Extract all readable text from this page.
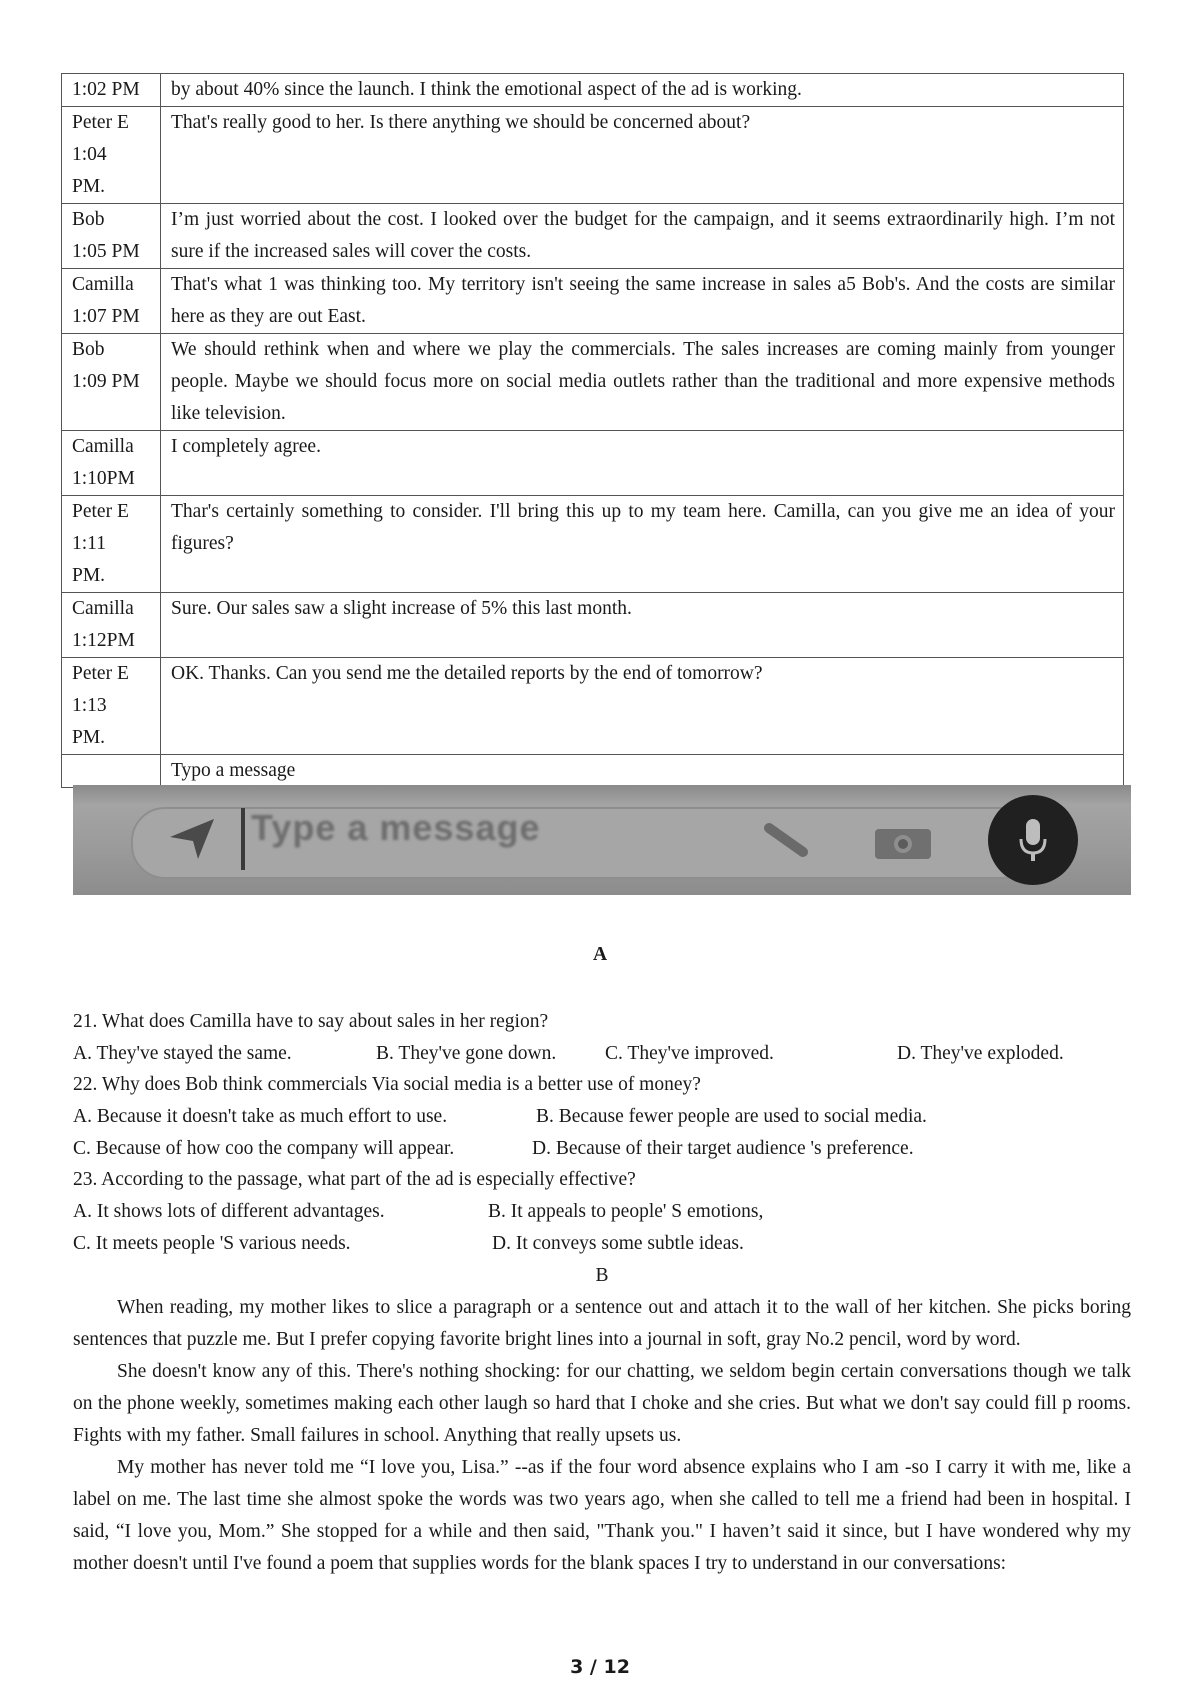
1:02 PM	by about 40% since the launch. I think the emotional aspect of the ad is working.

Peter E
1:04
PM.	That's really good to her. Is there anything we should be concerned about?

Bob
1:05 PM	I’m just worried about the cost. I looked over the budget for the campaign, and it seems extraordinarily high. I’m not sure if the increased sales will cover the costs.

Camilla
1:07 PM	That's what 1 was thinking too. My territory isn't seeing the same increase in sales a5 Bob's. And the costs are similar here as they are out East.

Bob
1:09 PM	We should rethink when and where we play the commercials. The sales increases are coming mainly from younger people. Maybe we should focus more on social media outlets rather than the traditional and more expensive methods like television.

Camilla
1:10PM	I completely agree.

Peter E
1:11
PM.	Thar's certainly something to consider. I'll bring this up to my team here. Camilla, can you give me an idea of your figures?

Camilla
1:12PM	Sure. Our sales saw a slight increase of 5% this last month.

Peter E
1:13
PM.	OK. Thanks. Can you send me the detailed reports by the end of tomorrow?
	Typo a message
Type a message
A
21. What does Camilla have to say about sales in her region?
A. They've stayed the same.	B. They've gone down. C. They've improved.	D. They've exploded.
22. Why does Bob think commercials Via social media is a better use of money?
A. Because it doesn't take as much effort to use.	B. Because fewer people are used to social media.
C. Because of how coo the company will appear.	D. Because of their target audience 's preference.
23. According to the passage, what part of the ad is especially effective?
A. It shows lots of different advantages.	B. It appeals to people' S emotions,
C. It meets people 'S various needs.	D. It conveys some subtle ideas.
B

When reading, my mother likes to slice a paragraph or a sentence out and attach it to the wall of her kitchen. She picks boring sentences that puzzle me. But I prefer copying favorite bright lines into a journal in soft, gray No.2 pencil, word by word.

She doesn't know any of this. There's nothing shocking: for our chatting, we seldom begin certain conversations though we talk on the phone weekly, sometimes making each other laugh so hard that I choke and she cries. But what we don't say could fill p rooms. Fights with my father. Small failures in school. Anything that really upsets us.

My mother has never told me “I love you, Lisa.” --as if the four word absence explains who I am -so I carry it with me, like a label on me. The last time she almost spoke the words was two years ago, when she called to tell me a friend had been in hospital. I said, “I love you, Mom.” She stopped for a while and then said, "Thank you." I haven’t said it since, but I have wondered why my mother doesn't until I've found a poem that supplies words for the blank spaces I try to understand in our conversations:

3 / 12
